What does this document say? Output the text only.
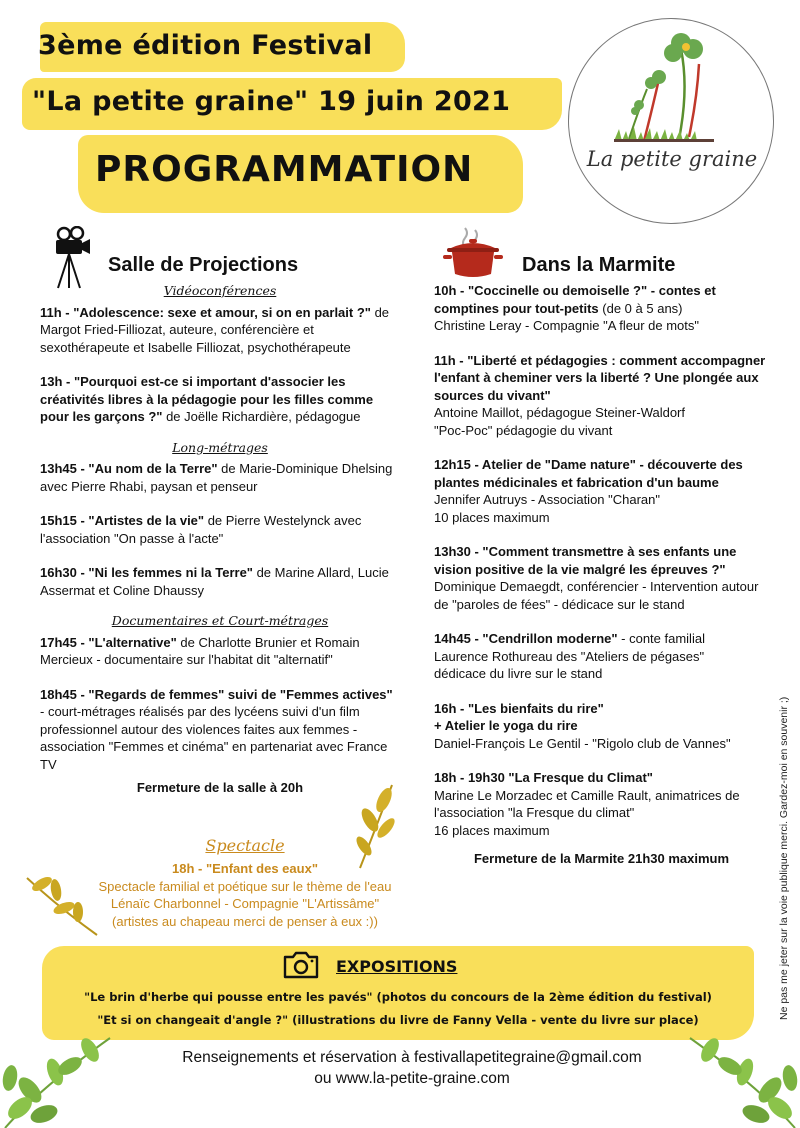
3ème édition Festival
"La petite graine" 19 juin 2021
PROGRAMMATION	La petite graine
Salle de Projections
Vidéoconférences
11h - "Adolescence: sexe et amour, si on en parlait ?" de Margot Fried-Filliozat, auteure, conférencière et sexothérapeute et Isabelle Filliozat, psychothérapeute
13h - "Pourquoi est-ce si important d'associer les créativités libres à la pédagogie pour les filles comme pour les garçons ?" de Joëlle Richardière, pédagogue
Long-métrages
13h45 - "Au nom de la Terre" de Marie-Dominique Dhelsing avec Pierre Rhabi, paysan et penseur
15h15 - "Artistes de la vie" de Pierre Westelynck avec l'association "On passe à l'acte"
16h30 - "Ni les femmes ni la Terre" de Marine Allard, Lucie Assermat et Coline Dhaussy
Documentaires et Court-métrages
17h45 - "L'alternative" de Charlotte Brunier et Romain Mercieux - documentaire sur l'habitat dit "alternatif"
18h45 - "Regards de femmes" suivi de "Femmes actives" - court-métrages réalisés par des lycéens suivi d'un film professionnel autour des violences faites aux femmes - association "Femmes et cinéma" en partenariat avec France TV
Fermeture de la salle à 20h
Spectacle
18h - "Enfant des eaux"
Spectacle familial et poétique sur le thème de l'eau
Lénaïc Charbonnel - Compagnie "L'Artissâme"
(artistes au chapeau merci de penser à eux :))
Dans la Marmite
10h - "Coccinelle ou demoiselle ?" - contes et comptines pour tout-petits (de 0 à 5 ans)
Christine Leray - Compagnie "A fleur de mots"
11h - "Liberté et pédagogies : comment accompagner l'enfant à cheminer vers la liberté ? Une plongée aux sources du vivant"
Antoine Maillot, pédagogue Steiner-Waldorf
"Poc-Poc" pédagogie du vivant
12h15 - Atelier de "Dame nature" - découverte des plantes médicinales et fabrication d'un baume
Jennifer Autruys - Association "Charan"
10 places maximum
13h30 - "Comment transmettre à ses enfants une vision positive de la vie malgré les épreuves ?"
Dominique Demaegdt, conférencier - Intervention autour de "paroles de fées" - dédicace sur le stand
14h45 - "Cendrillon moderne" - conte familial
Laurence Rothureau des "Ateliers de pégases"
dédicace du livre sur le stand
16h - "Les bienfaits du rire"
+ Atelier le yoga du rire
Daniel-François Le Gentil - "Rigolo club de Vannes"
18h - 19h30 "La Fresque du Climat"
Marine Le Morzadec et Camille Rault, animatrices de l'association "la Fresque du climat"
16 places maximum
Fermeture de la Marmite 21h30 maximum	Ne pas me jeter sur la voie publique merci. Gardez-moi en souvenir ;)
EXPOSITIONS
"Le brin d'herbe qui pousse entre les pavés" (photos du concours de la 2ème édition du festival)
"Et si on changeait d'angle ?" (illustrations du livre de Fanny Vella - vente du livre sur place)
Renseignements et réservation à festivallapetitegraine@gmail.com
ou www.la-petite-graine.com
